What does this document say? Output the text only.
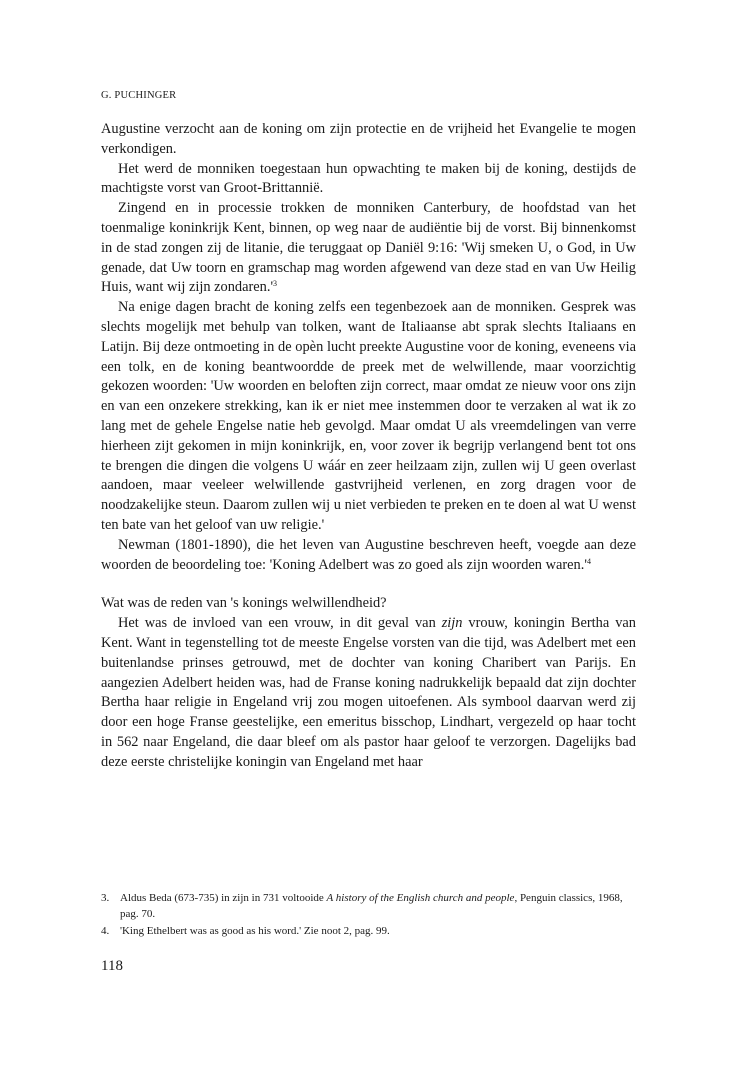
G. PUCHINGER

Augustine verzocht aan de koning om zijn protectie en de vrijheid het Evangelie te mogen verkondigen.

Het werd de monniken toegestaan hun opwachting te maken bij de koning, destijds de machtigste vorst van Groot-Brittannië.

Zingend en in processie trokken de monniken Canterbury, de hoofdstad van het toenmalige koninkrijk Kent, binnen, op weg naar de audiëntie bij de vorst. Bij binnenkomst in de stad zongen zij de litanie, die teruggaat op Daniël 9:16: 'Wij smeken U, o God, in Uw genade, dat Uw toorn en gramschap mag worden afgewend van deze stad en van Uw Heilig Huis, want wij zijn $zondaren.'^3$

Na enige dagen bracht de koning zelfs een tegenbezoek aan de monniken. Gesprek was slechts mogelijk met behulp van tolken, want de Italiaanse abt sprak slechts Italiaans en Latijn. Bij deze ontmoeting in de opèn lucht preekte Augustine voor de koning, eveneens via een tolk, en de koning beantwoordde de preek met de welwillende, maar voorzichtig gekozen woorden: 'Uw woorden en beloften zijn correct, maar omdat ze nieuw voor ons zijn en van een onzekere strekking, kan ik er niet mee instemmen door te verzaken al wat ik zo lang met de gehele Engelse natie heb gevolgd. Maar omdat U als vreemdelingen van verre hierheen zijt gekomen in mijn koninkrijk, en, voor zover ik begrijp verlangend bent tot ons te brengen die dingen die volgens U wáár en zeer heilzaam zijn, zullen wij U geen overlast aandoen, maar veeleer welwillende gastvrijheid verlenen, en zorg dragen voor de noodzakelijke steun. Daarom zullen wij u niet verbieden te preken en te doen al wat U wenst ten bate van het geloof van uw religie.'

Newman (1801-1890), die het leven van Augustine beschreven heeft, voegde aan deze woorden de beoordeling toe: 'Koning Adelbert was zo goed als zijn woorden $waren.'^4$

Wat was de reden van 's konings welwillendheid?

Het was de invloed van een vrouw, in dit geval van zijn vrouw, koningin Bertha van Kent. Want in tegenstelling tot de meeste Engelse vorsten van die tijd, was Adelbert met een buitenlandse prinses getrouwd, met de dochter van koning Charibert van Parijs. En aangezien Adelbert heiden was, had de Franse koning nadrukkelijk bepaald dat zijn dochter Bertha haar religie in Engeland vrij zou mogen uitoefenen. Als symbool daarvan werd zij door een hoge Franse geestelijke, een emeritus bisschop, Lindhart, vergezeld op haar tocht in 562 naar Engeland, die daar bleef om als pastor haar geloof te verzorgen. Dagelijks bad deze eerste christelijke koningin van Engeland met haar

3. Aldus Beda (673-735) in zijn in 731 voltooide A history of the English church and people, Penguin classics, 1968, pag. 70.
4. 'King Ethelbert was as good as his word.' Zie noot 2, pag. 99.
118
